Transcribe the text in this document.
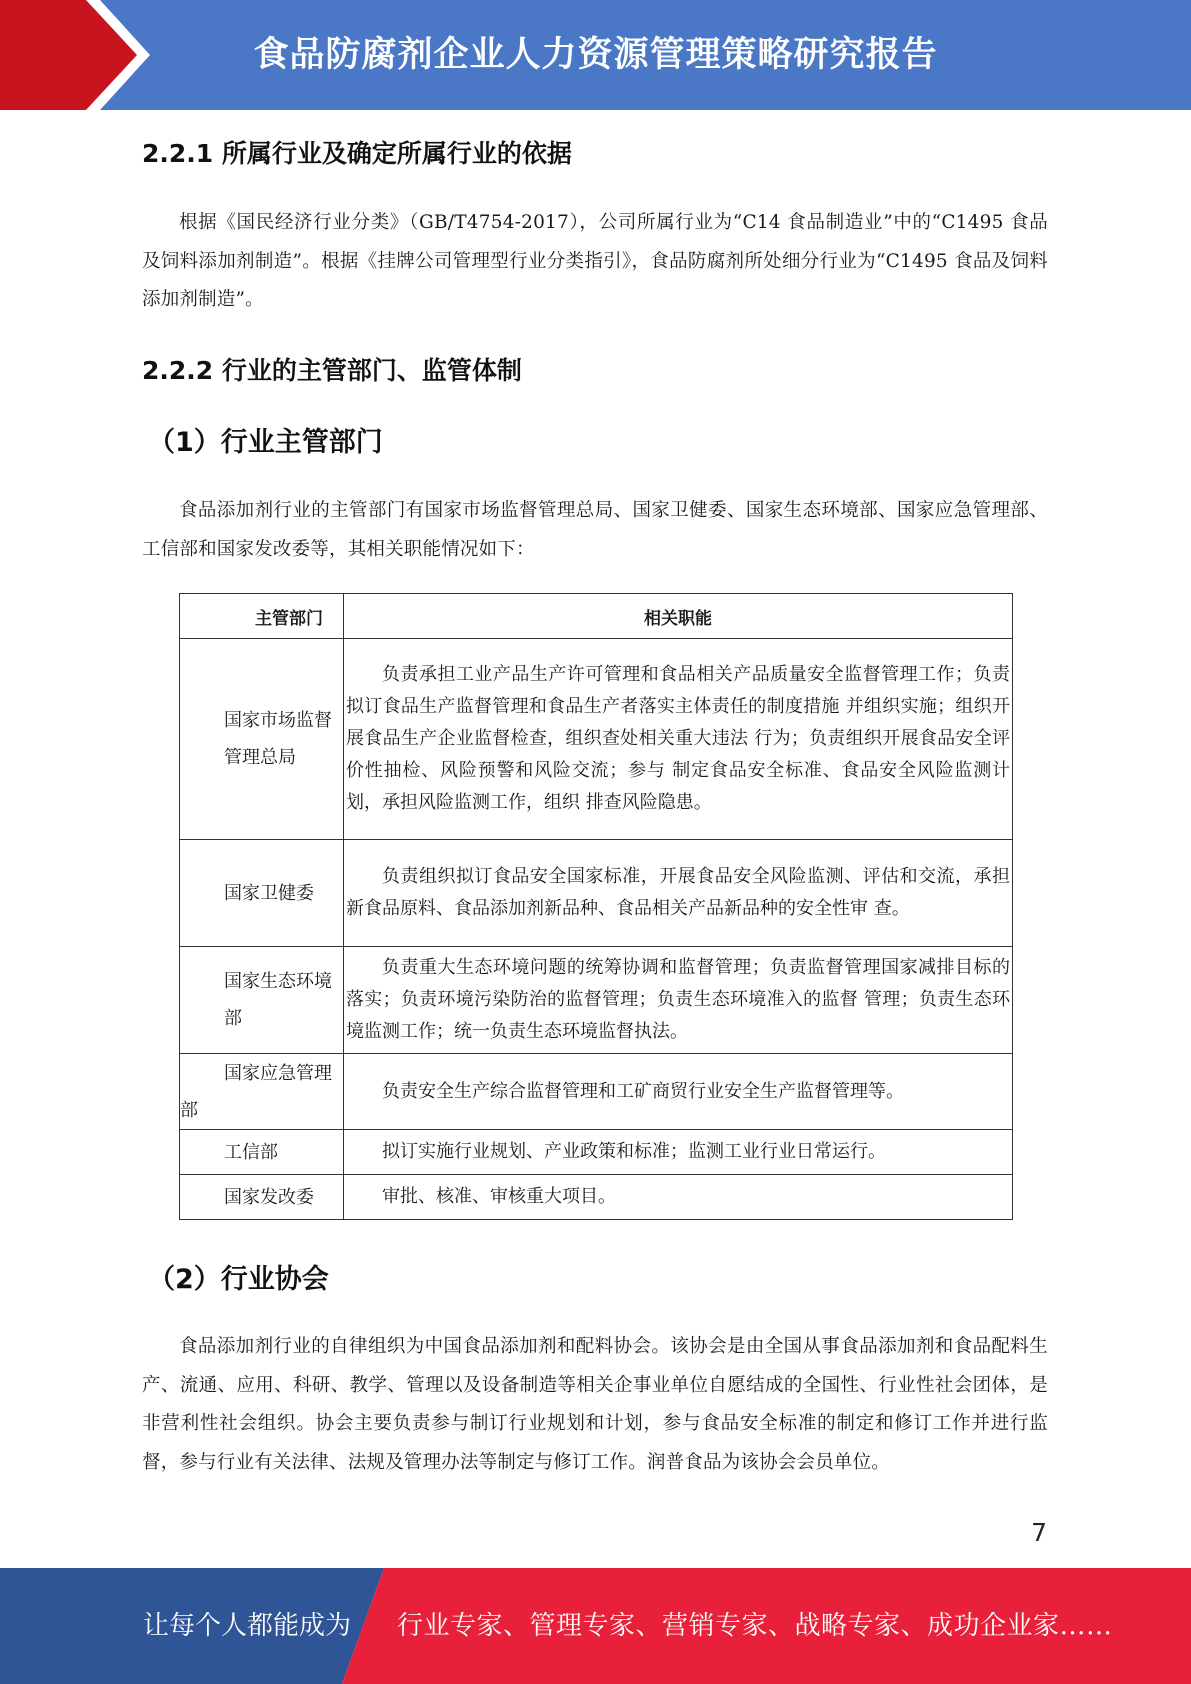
食品防腐剂企业人力资源管理策略研究报告
2.2.1 所属行业及确定所属行业的依据

根据《国民经济行业分类》（GB/T4754-2017），公司所属行业为“C14 食品制造业”中的“C1495 食品及饲料添加剂制造”。根据《挂牌公司管理型行业分类指引》，食品防腐剂所处细分行业为“C1495 食品及饲料添加剂制造”。

2.2.2 行业的主管部门、监管体制
（1）行业主管部门

食品添加剂行业的主管部门有国家市场监督管理总局、国家卫健委、国家生态环境部、国家应急管理部、工信部和国家发改委等，其相关职能情况如下：

主管部门	相关职能
国家市场监督管理总局	负责承担工业产品生产许可管理和食品相关产品质量安全监督管理工作；负责拟订食品生产监督管理和食品生产者落实主体责任的制度措施 并组织实施；组织开展食品生产企业监督检查，组织查处相关重大违法 行为；负责组织开展食品安全评价性抽检、风险预警和风险交流；参与 制定食品安全标准、食品安全风险监测计划，承担风险监测工作，组织 排查风险隐患。
国家卫健委	负责组织拟订食品安全国家标准，开展食品安全风险监测、评估和交流，承担新食品原料、食品添加剂新品种、食品相关产品新品种的安全性审 查。
国家生态环境部	负责重大生态环境问题的统筹协调和监督管理；负责监督管理国家减排目标的落实；负责环境污染防治的监督管理；负责生态环境准入的监督 管理；负责生态环境监测工作；统一负责生态环境监督执法。
国家应急管理部	负责安全生产综合监督管理和工矿商贸行业安全生产监督管理等。
工信部	拟订实施行业规划、产业政策和标准；监测工业行业日常运行。
国家发改委	审批、核准、审核重大项目。
（2）行业协会

食品添加剂行业的自律组织为中国食品添加剂和配料协会。该协会是由全国从事食品添加剂和食品配料生产、流通、应用、科研、教学、管理以及设备制造等相关企事业单位自愿结成的全国性、行业性社会团体，是非营利性社会组织。协会主要负责参与制订行业规划和计划，参与食品安全标准的制定和修订工作并进行监督，参与行业有关法律、法规及管理办法等制定与修订工作。润普食品为该协会会员单位。

7
让每个人都能成为 行业专家、管理专家、营销专家、战略专家、成功企业家……
